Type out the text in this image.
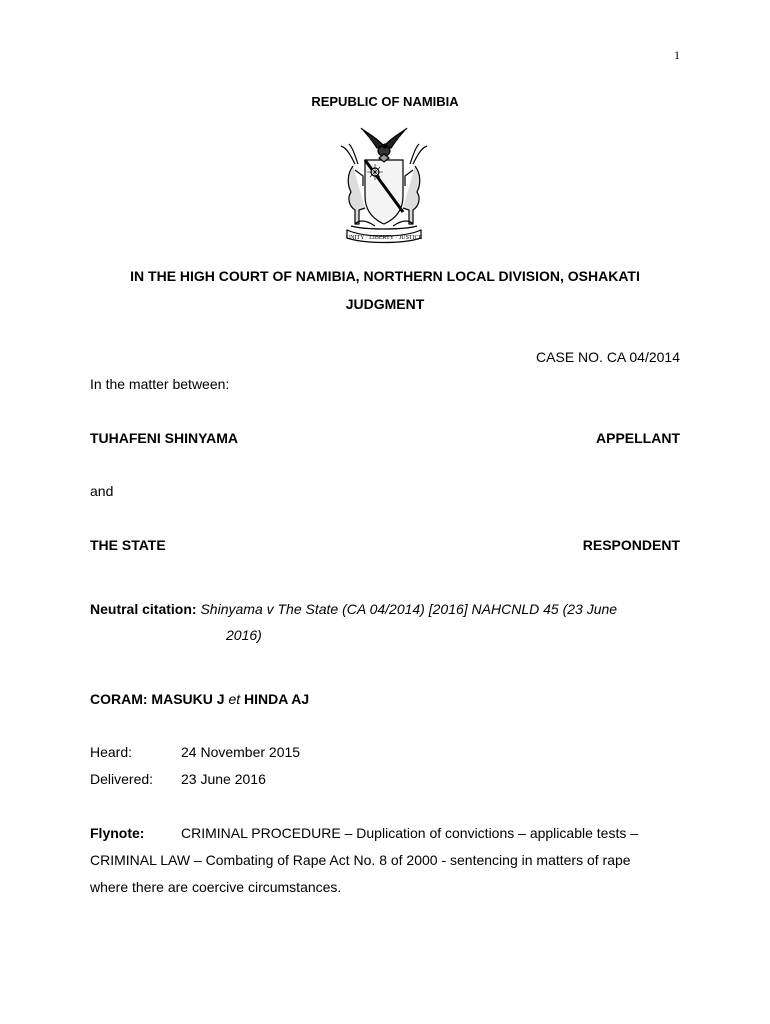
1
REPUBLIC OF NAMIBIA
UNITY · LIBERTY · JUSTICE
IN THE HIGH COURT OF NAMIBIA, NORTHERN LOCAL DIVISION, OSHAKATI
JUDGMENT
CASE NO. CA 04/2014
In the matter between:
TUHAFENI SHINYAMA	APPELLANT
and
THE STATE	RESPONDENT
Neutral citation: Shinyama v The State (CA 04/2014) [2016] NAHCNLD 45 (23 June
2016)
CORAM: MASUKU J et HINDA AJ
Heard:	24 November 2015
Delivered: 23 June 2016
Flynote:	CRIMINAL PROCEDURE – Duplication of convictions – applicable tests –
CRIMINAL LAW – Combating of Rape Act No. 8 of 2000 - sentencing in matters of rape
where there are coercive circumstances.
